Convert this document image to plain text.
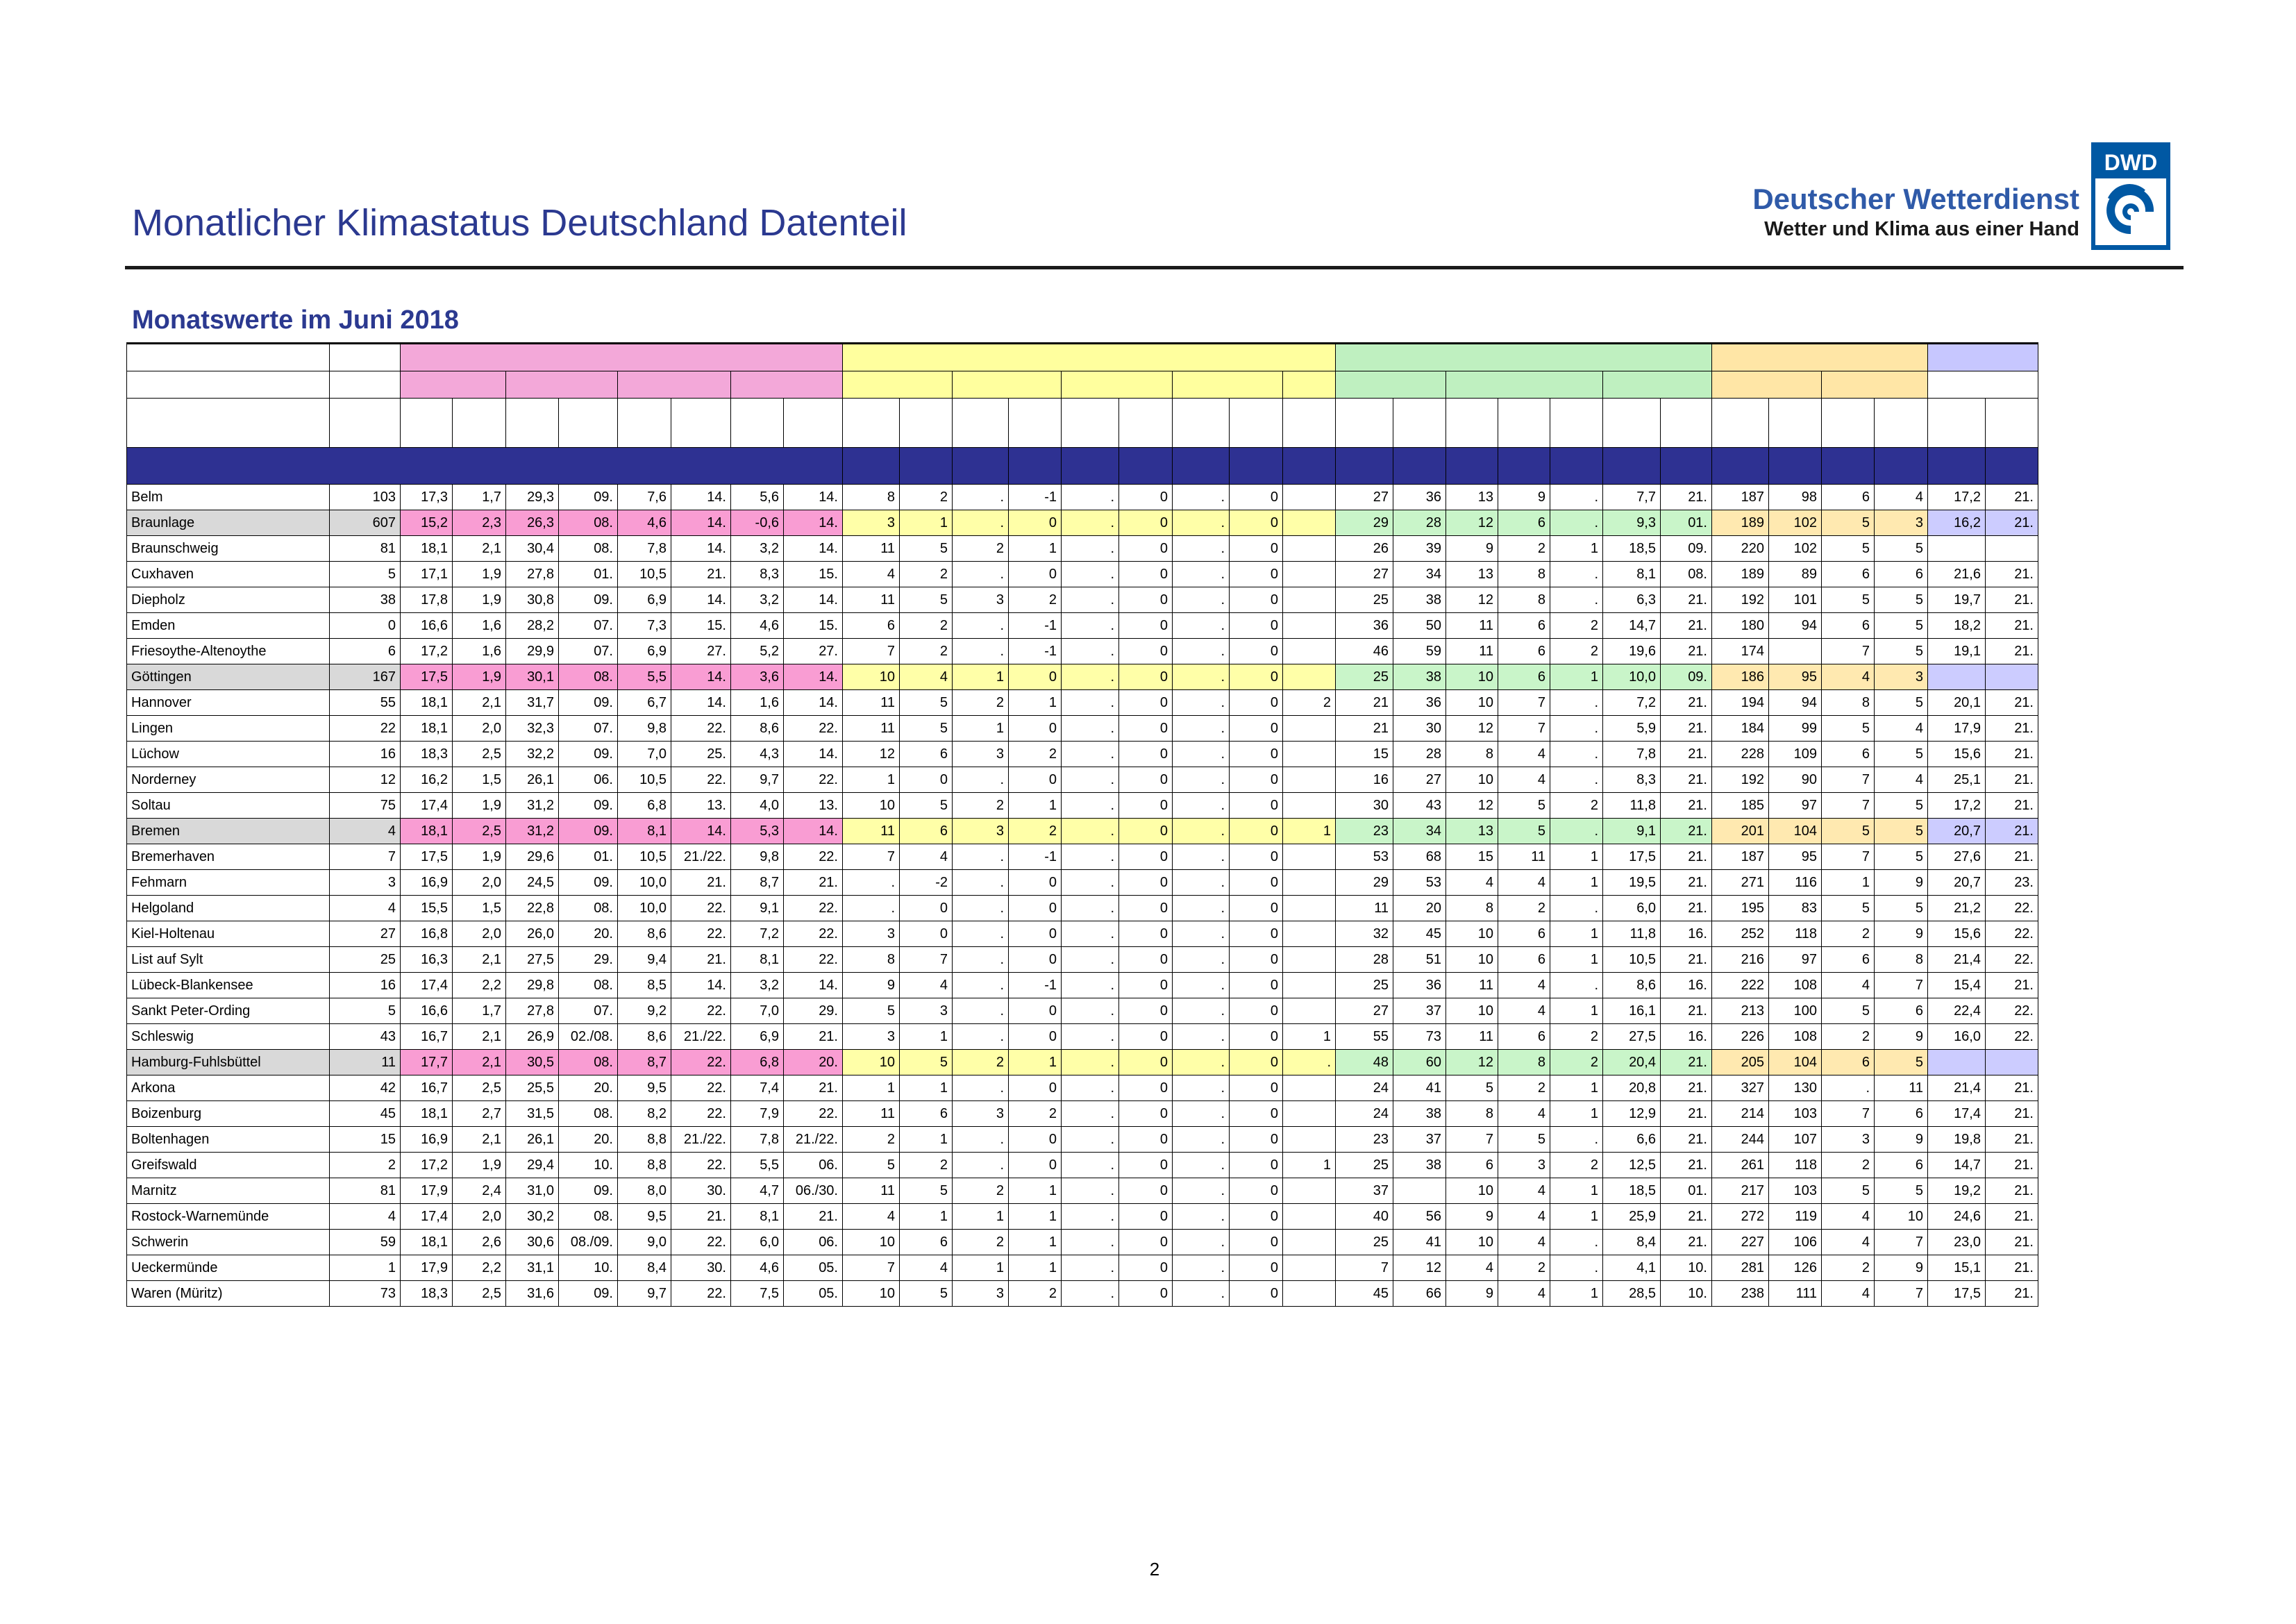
Monatlicher Klimastatus Deutschland Datenteil
Deutscher Wetterdienst
Wetter und Klima aus einer Hand
DWD
Monatswerte im Juni 2018

Belm	103	17,3	1,7	29,3	09.	7,6	14.	5,6	14.	8	2	.	-1	.	0	.	0		27	36	13	9	.	7,7	21.	187	98	6	4	17,2	21.
Braunlage	607	15,2	2,3	26,3	08.	4,6	14.	-0,6	14.	3	1	.	0	.	0	.	0		29	28	12	6	.	9,3	01.	189	102	5	3	16,2	21.
Braunschweig	81	18,1	2,1	30,4	08.	7,8	14.	3,2	14.	11	5	2	1	.	0	.	0		26	39	9	2	1	18,5	09.	220	102	5	5		
Cuxhaven	5	17,1	1,9	27,8	01.	10,5	21.	8,3	15.	4	2	.	0	.	0	.	0		27	34	13	8	.	8,1	08.	189	89	6	6	21,6	21.
Diepholz	38	17,8	1,9	30,8	09.	6,9	14.	3,2	14.	11	5	3	2	.	0	.	0		25	38	12	8	.	6,3	21.	192	101	5	5	19,7	21.
Emden	0	16,6	1,6	28,2	07.	7,3	15.	4,6	15.	6	2	.	-1	.	0	.	0		36	50	11	6	2	14,7	21.	180	94	6	5	18,2	21.
Friesoythe-Altenoythe	6	17,2	1,6	29,9	07.	6,9	27.	5,2	27.	7	2	.	-1	.	0	.	0		46	59	11	6	2	19,6	21.	174		7	5	19,1	21.
Göttingen	167	17,5	1,9	30,1	08.	5,5	14.	3,6	14.	10	4	1	0	.	0	.	0		25	38	10	6	1	10,0	09.	186	95	4	3		
Hannover	55	18,1	2,1	31,7	09.	6,7	14.	1,6	14.	11	5	2	1	.	0	.	0	2	21	36	10	7	.	7,2	21.	194	94	8	5	20,1	21.
Lingen	22	18,1	2,0	32,3	07.	9,8	22.	8,6	22.	11	5	1	0	.	0	.	0		21	30	12	7	.	5,9	21.	184	99	5	4	17,9	21.
Lüchow	16	18,3	2,5	32,2	09.	7,0	25.	4,3	14.	12	6	3	2	.	0	.	0		15	28	8	4	.	7,8	21.	228	109	6	5	15,6	21.
Norderney	12	16,2	1,5	26,1	06.	10,5	22.	9,7	22.	1	0	.	0	.	0	.	0		16	27	10	4	.	8,3	21.	192	90	7	4	25,1	21.
Soltau	75	17,4	1,9	31,2	09.	6,8	13.	4,0	13.	10	5	2	1	.	0	.	0		30	43	12	5	2	11,8	21.	185	97	7	5	17,2	21.
Bremen	4	18,1	2,5	31,2	09.	8,1	14.	5,3	14.	11	6	3	2	.	0	.	0	1	23	34	13	5	.	9,1	21.	201	104	5	5	20,7	21.
Bremerhaven	7	17,5	1,9	29,6	01.	10,5	21./22.	9,8	22.	7	4	.	-1	.	0	.	0		53	68	15	11	1	17,5	21.	187	95	7	5	27,6	21.
Fehmarn	3	16,9	2,0	24,5	09.	10,0	21.	8,7	21.	.	-2	.	0	.	0	.	0		29	53	4	4	1	19,5	21.	271	116	1	9	20,7	23.
Helgoland	4	15,5	1,5	22,8	08.	10,0	22.	9,1	22.	.	0	.	0	.	0	.	0		11	20	8	2	.	6,0	21.	195	83	5	5	21,2	22.
Kiel-Holtenau	27	16,8	2,0	26,0	20.	8,6	22.	7,2	22.	3	0	.	0	.	0	.	0		32	45	10	6	1	11,8	16.	252	118	2	9	15,6	22.
List auf Sylt	25	16,3	2,1	27,5	29.	9,4	21.	8,1	22.	8	7	.	0	.	0	.	0		28	51	10	6	1	10,5	21.	216	97	6	8	21,4	22.
Lübeck-Blankensee	16	17,4	2,2	29,8	08.	8,5	14.	3,2	14.	9	4	.	-1	.	0	.	0		25	36	11	4	.	8,6	16.	222	108	4	7	15,4	21.
Sankt Peter-Ording	5	16,6	1,7	27,8	07.	9,2	22.	7,0	29.	5	3	.	0	.	0	.	0		27	37	10	4	1	16,1	21.	213	100	5	6	22,4	22.
Schleswig	43	16,7	2,1	26,9	02./08.	8,6	21./22.	6,9	21.	3	1	.	0	.	0	.	0	1	55	73	11	6	2	27,5	16.	226	108	2	9	16,0	22.
Hamburg-Fuhlsbüttel	11	17,7	2,1	30,5	08.	8,7	22.	6,8	20.	10	5	2	1	.	0	.	0	.	48	60	12	8	2	20,4	21.	205	104	6	5		
Arkona	42	16,7	2,5	25,5	20.	9,5	22.	7,4	21.	1	1	.	0	.	0	.	0		24	41	5	2	1	20,8	21.	327	130	.	11	21,4	21.
Boizenburg	45	18,1	2,7	31,5	08.	8,2	22.	7,9	22.	11	6	3	2	.	0	.	0		24	38	8	4	1	12,9	21.	214	103	7	6	17,4	21.
Boltenhagen	15	16,9	2,1	26,1	20.	8,8	21./22.	7,8	21./22.	2	1	.	0	.	0	.	0		23	37	7	5	.	6,6	21.	244	107	3	9	19,8	21.
Greifswald	2	17,2	1,9	29,4	10.	8,8	22.	5,5	06.	5	2	.	0	.	0	.	0	1	25	38	6	3	2	12,5	21.	261	118	2	6	14,7	21.
Marnitz	81	17,9	2,4	31,0	09.	8,0	30.	4,7	06./30.	11	5	2	1	.	0	.	0		37		10	4	1	18,5	01.	217	103	5	5	19,2	21.
Rostock-Warnemünde	4	17,4	2,0	30,2	08.	9,5	21.	8,1	21.	4	1	1	1	.	0	.	0		40	56	9	4	1	25,9	21.	272	119	4	10	24,6	21.
Schwerin	59	18,1	2,6	30,6	08./09.	9,0	22.	6,0	06.	10	6	2	1	.	0	.	0		25	41	10	4	.	8,4	21.	227	106	4	7	23,0	21.
Ueckermünde	1	17,9	2,2	31,1	10.	8,4	30.	4,6	05.	7	4	1	1	.	0	.	0		7	12	4	2	.	4,1	10.	281	126	2	9	15,1	21.
Waren (Müritz)	73	18,3	2,5	31,6	09.	9,7	22.	7,5	05.	10	5	3	2	.	0	.	0		45	66	9	4	1	28,5	10.	238	111	4	7	17,5	21.
2
